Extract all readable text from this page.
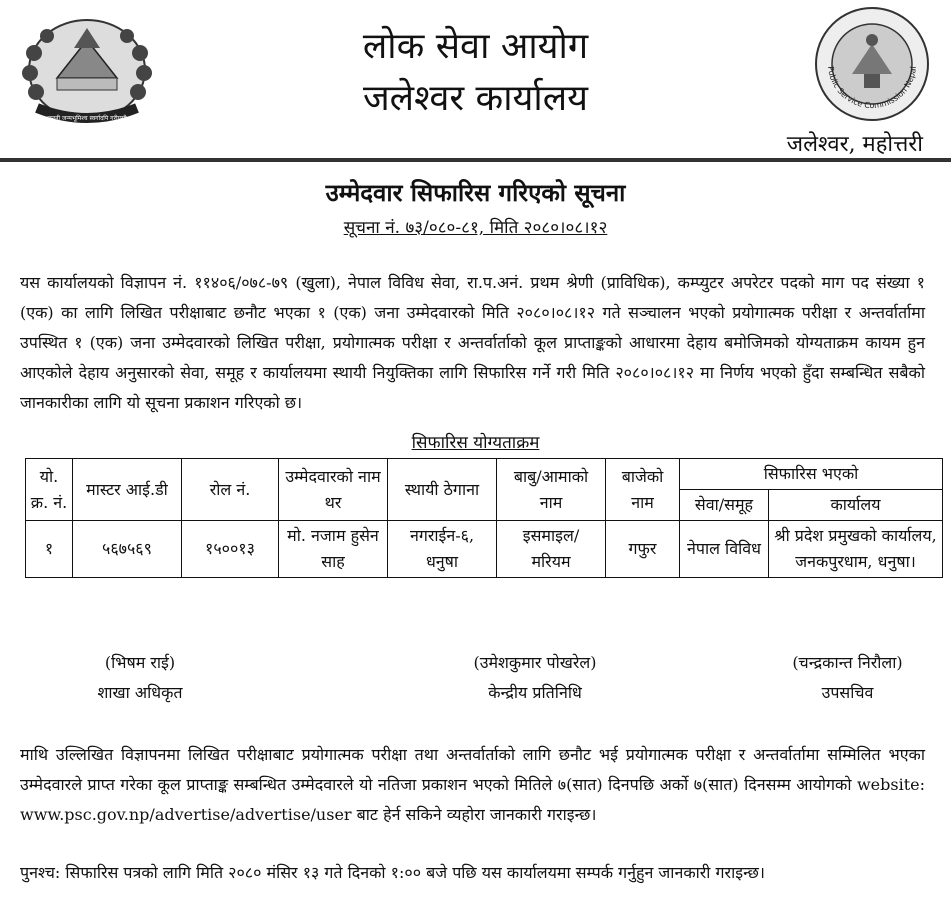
जननी जन्मभूमिश्च स्वर्गादपि गरीयसी
लोक सेवा आयोग
जलेश्वर कार्यालय
Public Service Commission Nepal
जलेश्वर, महोत्तरी
उम्मेदवार सिफारिस गरिएको सूचना
सूचना नं. ७३/०८०-८१, मिति २०८०।०८।१२
यस कार्यालयको विज्ञापन नं. ११४०६/०७८-७९ (खुला), नेपाल विविध सेवा, रा.प.अनं. प्रथम श्रेणी (प्राविधिक), कम्प्युटर अपरेटर पदको माग पद संख्या १ (एक) का लागि लिखित परीक्षाबाट छनौट भएका १ (एक) जना उम्मेदवारको मिति २०८०।०८।१२ गते सञ्चालन भएको प्रयोगात्मक परीक्षा र अन्तर्वार्तामा उपस्थित १ (एक) जना उम्मेदवारको लिखित परीक्षा, प्रयोगात्मक परीक्षा र अन्तर्वार्ताको कूल प्राप्ताङ्कको आधारमा देहाय बमोजिमको योग्यताक्रम कायम हुन आएकोले देहाय अनुसारको सेवा, समूह र कार्यालयमा स्थायी नियुक्तिका लागि सिफारिस गर्ने गरी मिति २०८०।०८।१२ मा निर्णय भएको हुँदा सम्बन्धित सबैको जानकारीका लागि यो सूचना प्रकाशन गरिएको छ।
सिफारिस योग्यताक्रम
यो. क्र. नं.	मास्टर आई.डी	रोल नं.	उम्मेदवारको नाम थर	स्थायी ठेगाना	बाबु/आमाको नाम	बाजेको नाम	सिफारिस भएको	
							सेवा/समूह	कार्यालय
१	५६७५६९	१५००१३	मो. नजाम हुसेन साह	नगराईन-६, धनुषा	इसमाइल/ मरियम	गफुर	नेपाल विविध	श्री प्रदेश प्रमुखको कार्यालय, जनकपुरधाम, धनुषा।
(भिषम राई)
शाखा अधिकृत
(उमेशकुमार पोखरेल)
केन्द्रीय प्रतिनिधि
(चन्द्रकान्त निरौला)
उपसचिव
माथि उल्लिखित विज्ञापनमा लिखित परीक्षाबाट प्रयोगात्मक परीक्षा तथा अन्तर्वार्ताको लागि छनौट भई प्रयोगात्मक परीक्षा र अन्तर्वार्तामा सम्मिलित भएका उम्मेदवारले प्राप्त गरेका कूल प्राप्ताङ्क सम्बन्धित उम्मेदवारले यो नतिजा प्रकाशन भएको मितिले ७(सात) दिनपछि अर्को ७(सात) दिनसम्म आयोगको website: www.psc.gov.np/advertise/advertise/user बाट हेर्न सकिने व्यहोरा जानकारी गराइन्छ।
पुनश्च: सिफारिस पत्रको लागि मिति २०८० मंसिर १३ गते दिनको १:०० बजे पछि यस कार्यालयमा सम्पर्क गर्नुहुन जानकारी गराइन्छ।
